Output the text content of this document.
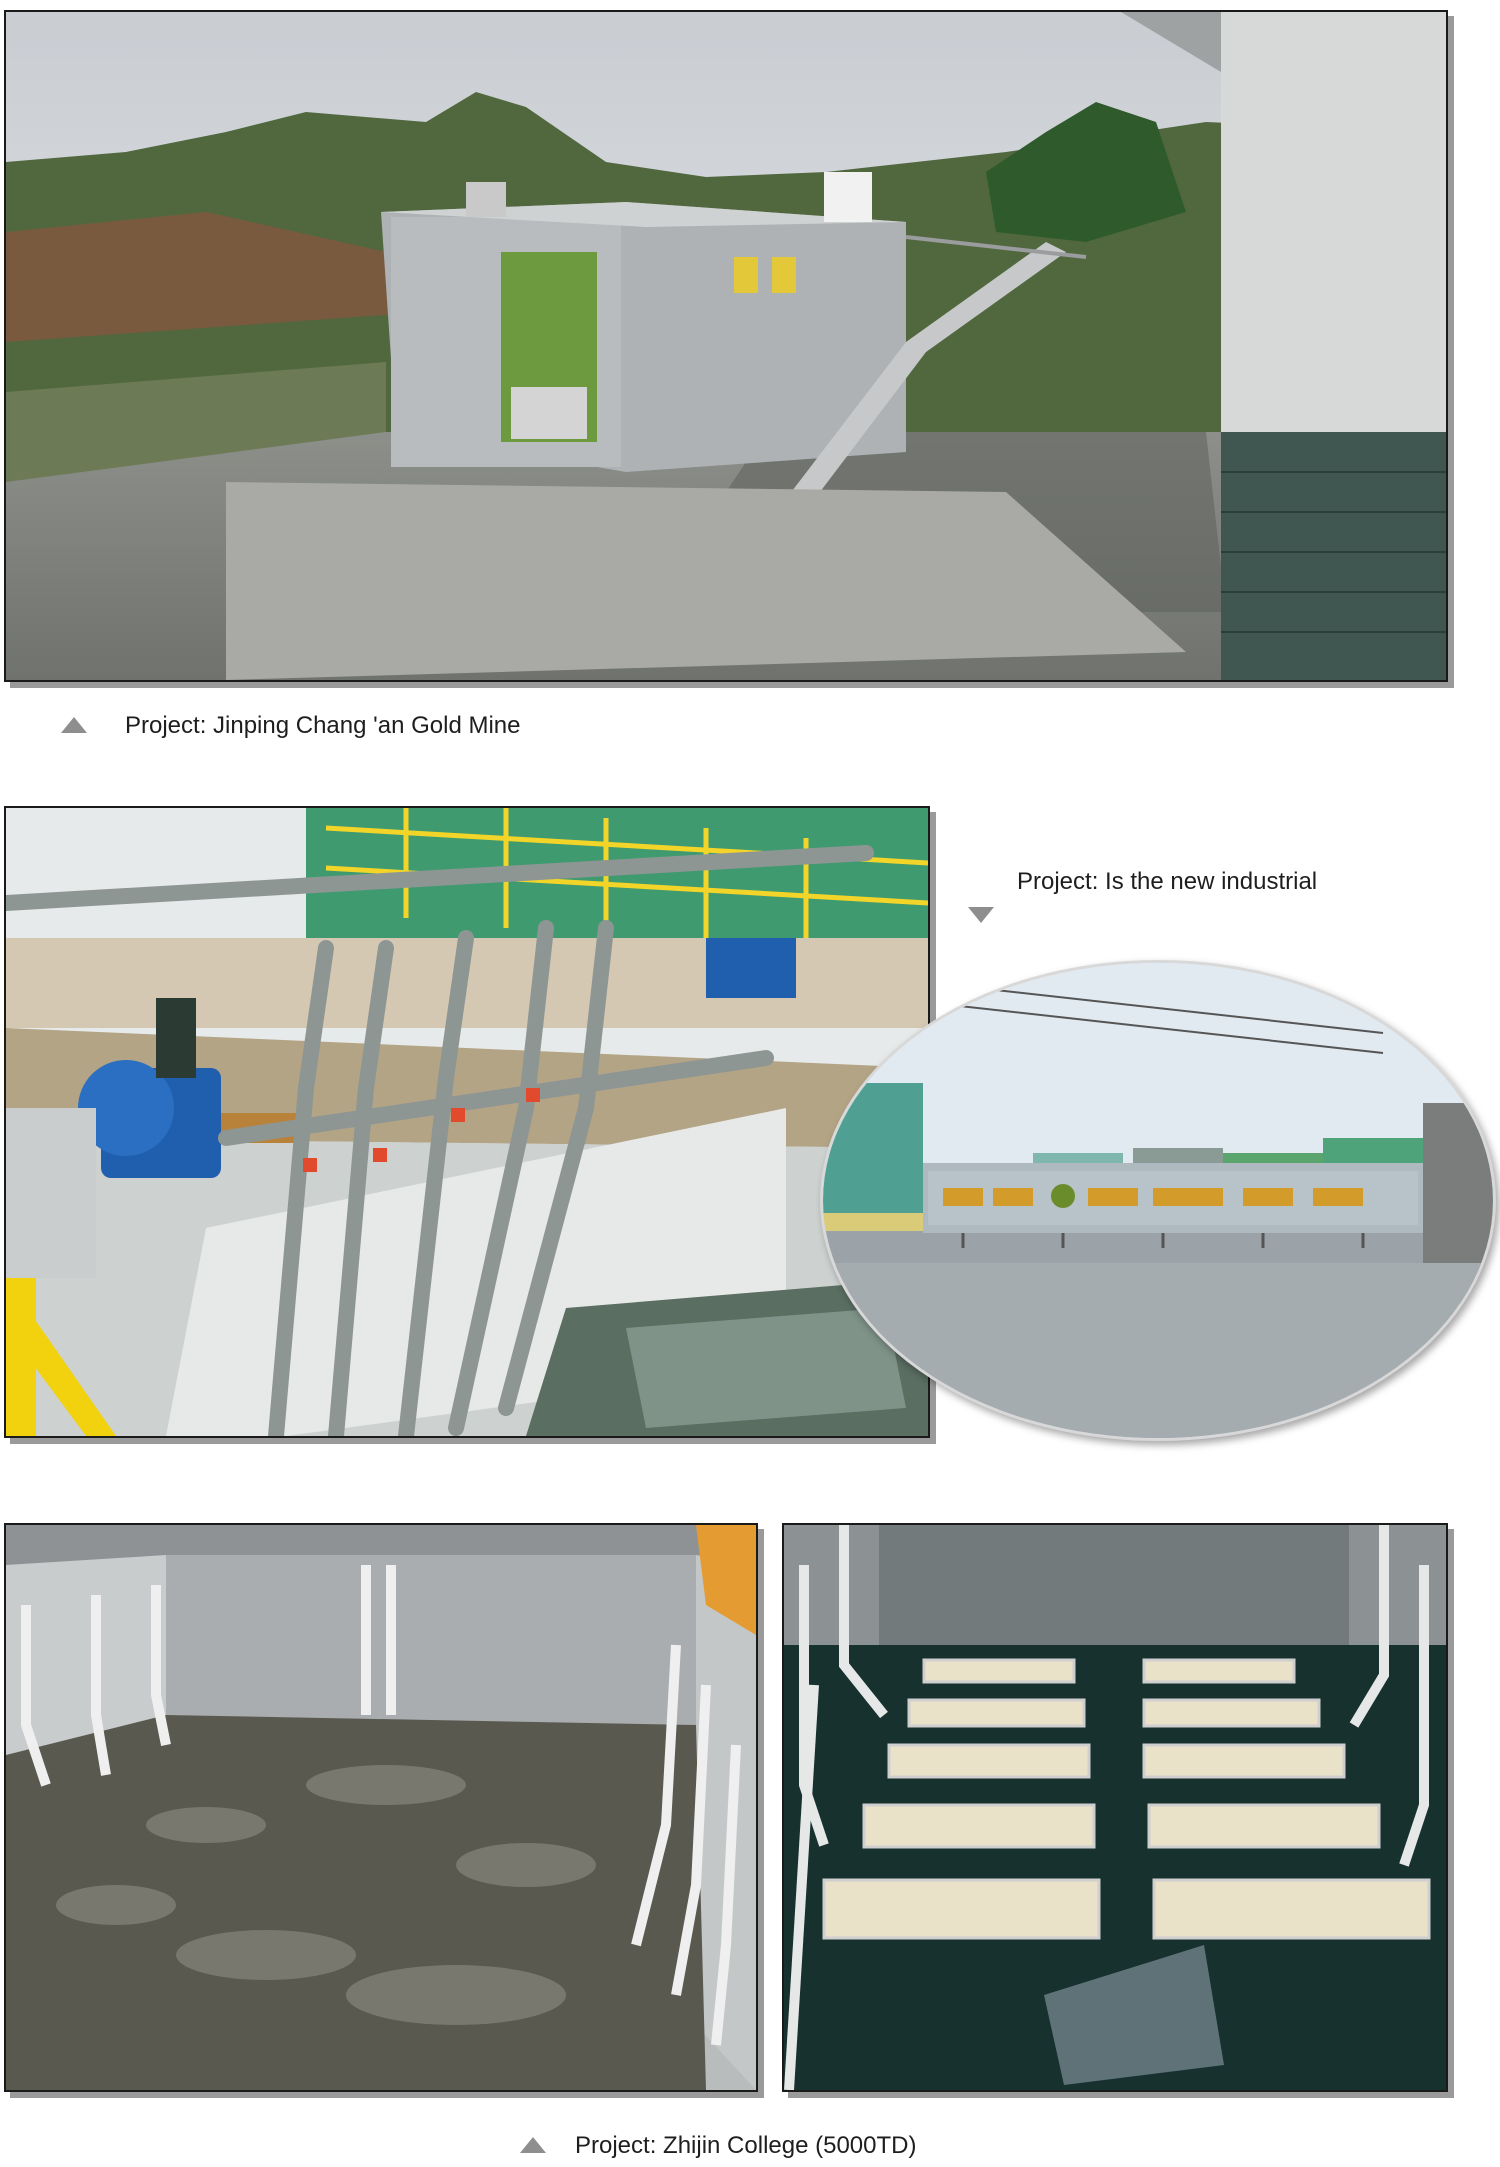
Project: Jinping Chang 'an Gold Mine
Project: Is the new industrial
Project: Zhijin College (5000TD)
